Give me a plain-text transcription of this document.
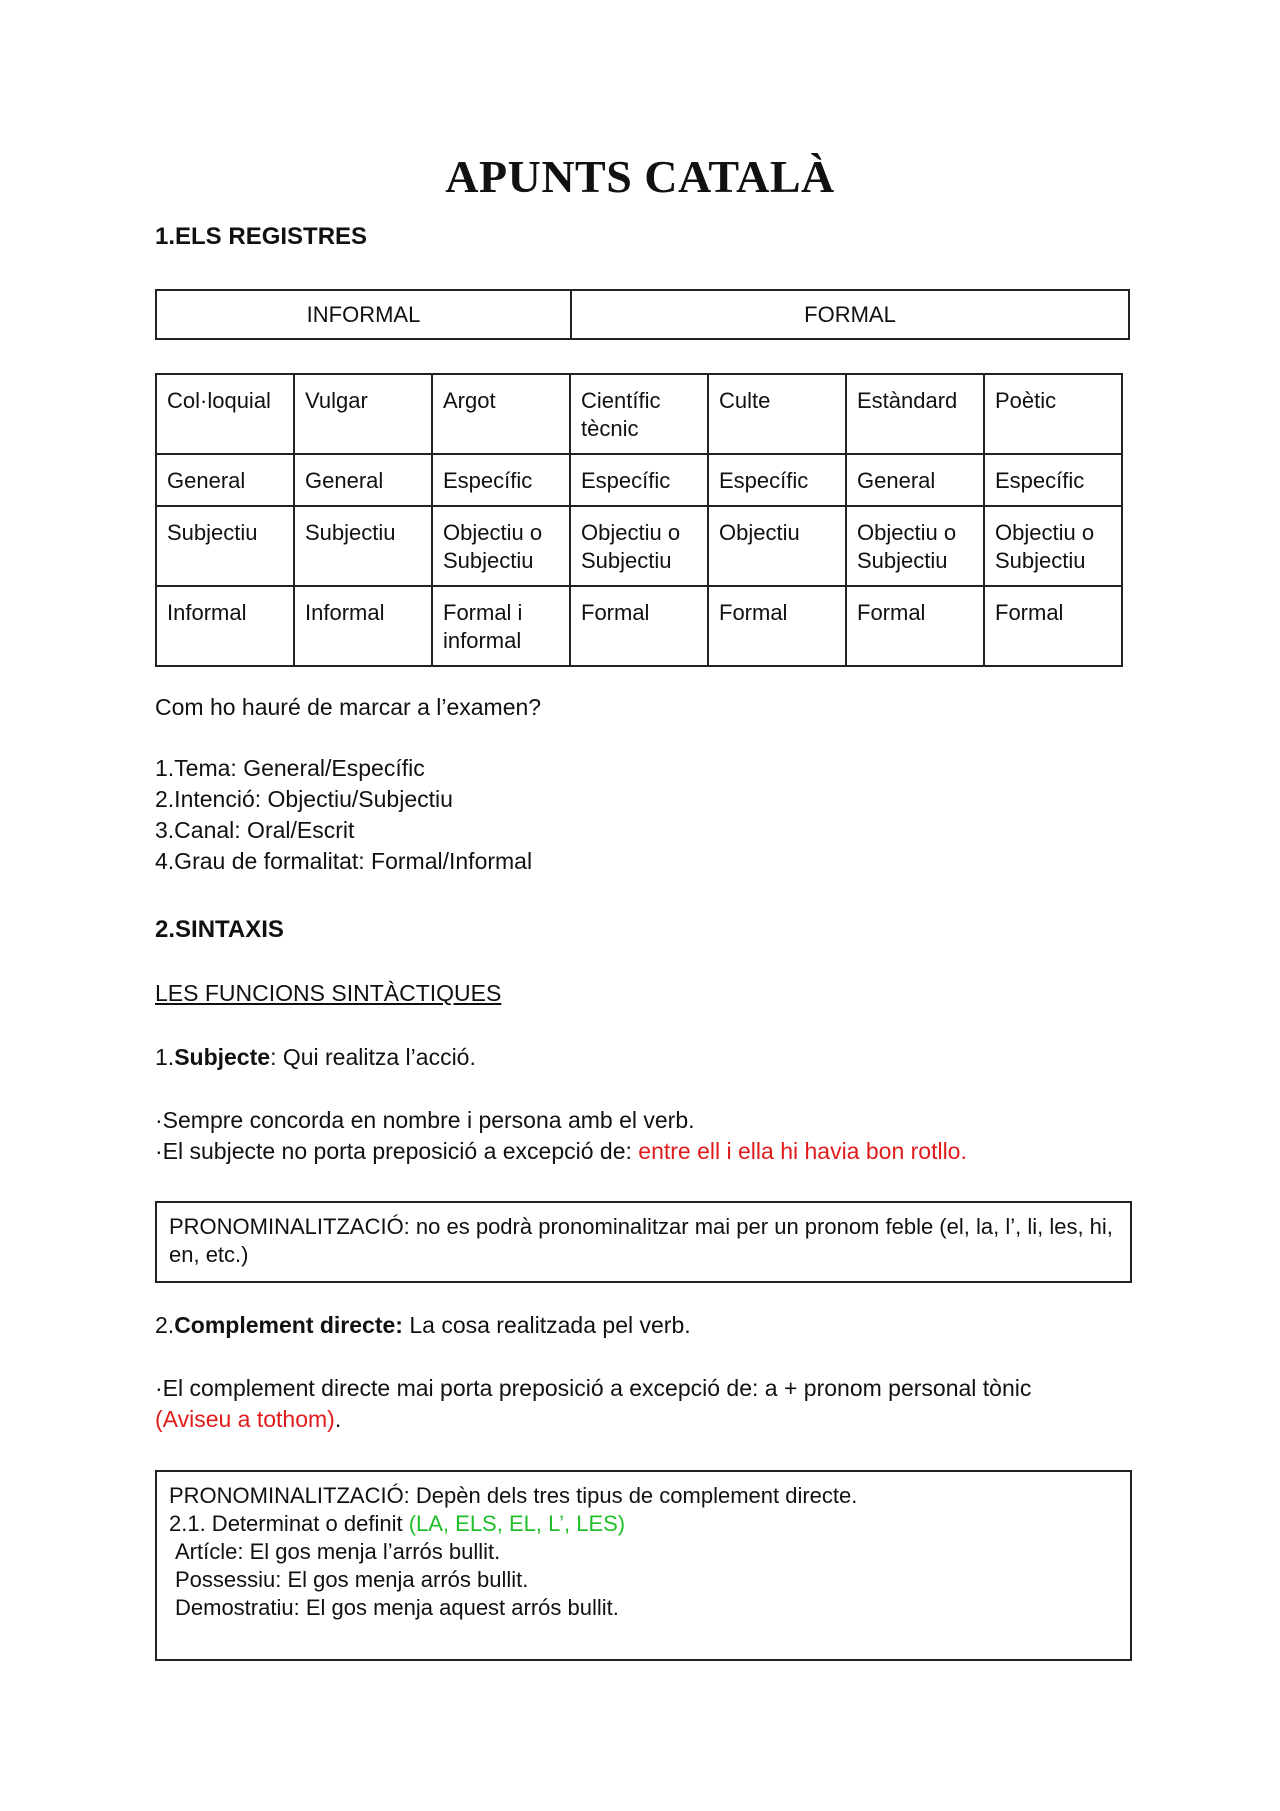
APUNTS CATALÀ
1.ELS REGISTRES
INFORMAL	FORMAL
Col·loquial	Vulgar	Argot	Científic tècnic	Culte	Estàndard	Poètic
General	General	Específic	Específic	Específic	General	Específic
Subjectiu	Subjectiu	Objectiu o Subjectiu	Objectiu o Subjectiu	Objectiu	Objectiu o Subjectiu	Objectiu o Subjectiu
Informal	Informal	Formal i informal	Formal	Formal	Formal	Formal
Com ho hauré de marcar a l’examen?
1.Tema: General/Específic
2.Intenció: Objectiu/Subjectiu
3.Canal: Oral/Escrit
4.Grau de formalitat: Formal/Informal
2.SINTAXIS
LES FUNCIONS SINTÀCTIQUES
1.Subjecte: Qui realitza l’acció.
·Sempre concorda en nombre i persona amb el verb.
·El subjecte no porta preposició a excepció de: entre ell i ella hi havia bon rotllo.
PRONOMINALITZACIÓ: no es podrà pronominalitzar mai per un pronom feble (el, la, l’, li, les, hi, en, etc.)
2.Complement directe: La cosa realitzada pel verb.
·El complement directe mai porta preposició a excepció de: a + pronom personal tònic
(Aviseu a tothom).
PRONOMINALITZACIÓ: Depèn dels tres tipus de complement directe.
2.1. Determinat o definit (LA, ELS, EL, L’, LES)
Artícle: El gos menja l’arrós bullit.
Possessiu: El gos menja arrós bullit.
Demostratiu: El gos menja aquest arrós bullit.
